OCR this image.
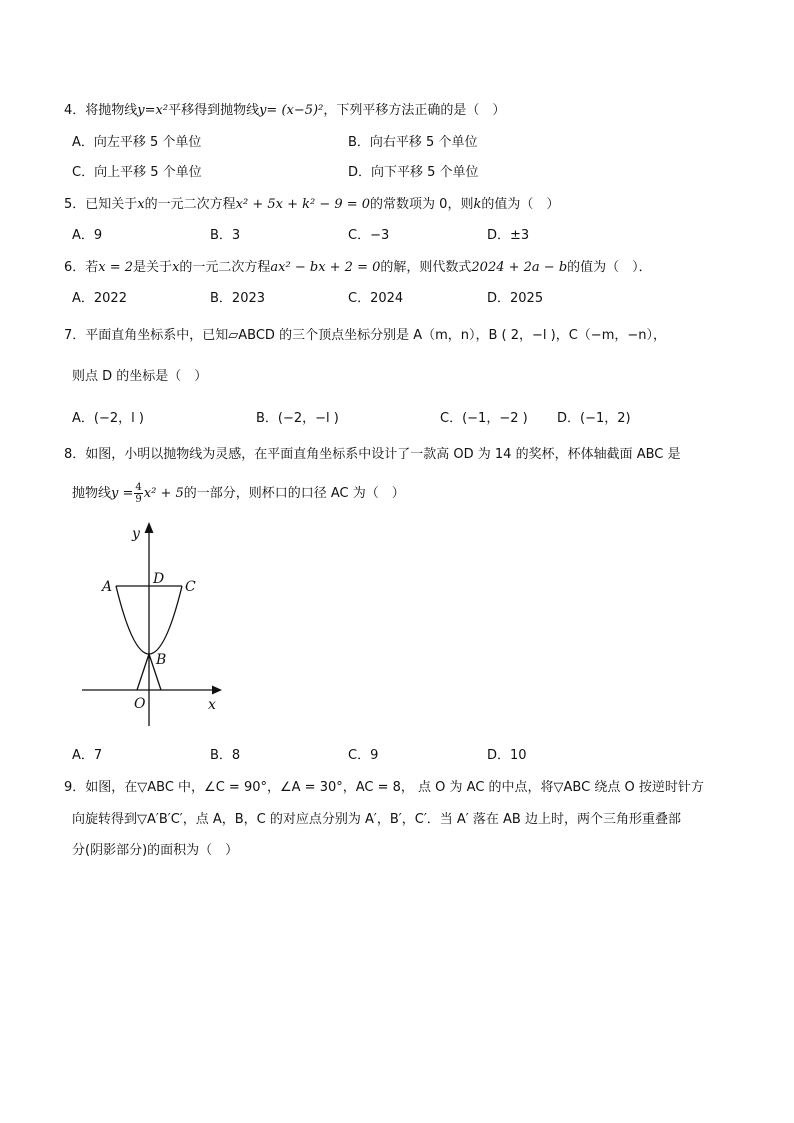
4．将抛物线y=x²平移得到抛物线y= (x−5)²，下列平移方法正确的是（　）
A．向左平移 5 个单位	B．向右平移 5 个单位
C．向上平移 5 个单位	D．向下平移 5 个单位
5．已知关于x的一元二次方程x² + 5x + k² − 9 = 0的常数项为 0，则k的值为（　）
A．9	B．3	C．−3	D．±3
6．若x = 2是关于x的一元二次方程ax² − bx + 2 = 0的解，则代数式2024 + 2a − b的值为（　）．
A．2022	B．2023	C．2024	D．2025
7．平面直角坐标系中，已知▱ABCD 的三个顶点坐标分别是 A（m，n），B ( 2，−l )，C（−m，−n），
则点 D 的坐标是（　）
A．(−2，l )	B．(−2，−l )	C．(−1，−2 ) D．(−1，2)
8．如图，小明以抛物线为灵感，在平面直角坐标系中设计了一款高 OD 为 14 的奖杯，杯体轴截面 ABC 是
抛物线$y = \frac{4}{9} x^2 + 5$的一部分，则杯口的口径 AC 为（　）
y
x
O
A	C
D
B
A．7	B．8	C．9	D．10
9．如图，在▽ABC 中，∠C = 90°，∠A = 30°，AC = 8， 点 O 为 AC 的中点，将▽ABC 绕点 O 按逆时针方
向旋转得到▽A′B′C′，点 A，B，C 的对应点分别为 A′，B′，C′．当 A′ 落在 AB 边上时，两个三角形重叠部
分(阴影部分)的面积为（　）
